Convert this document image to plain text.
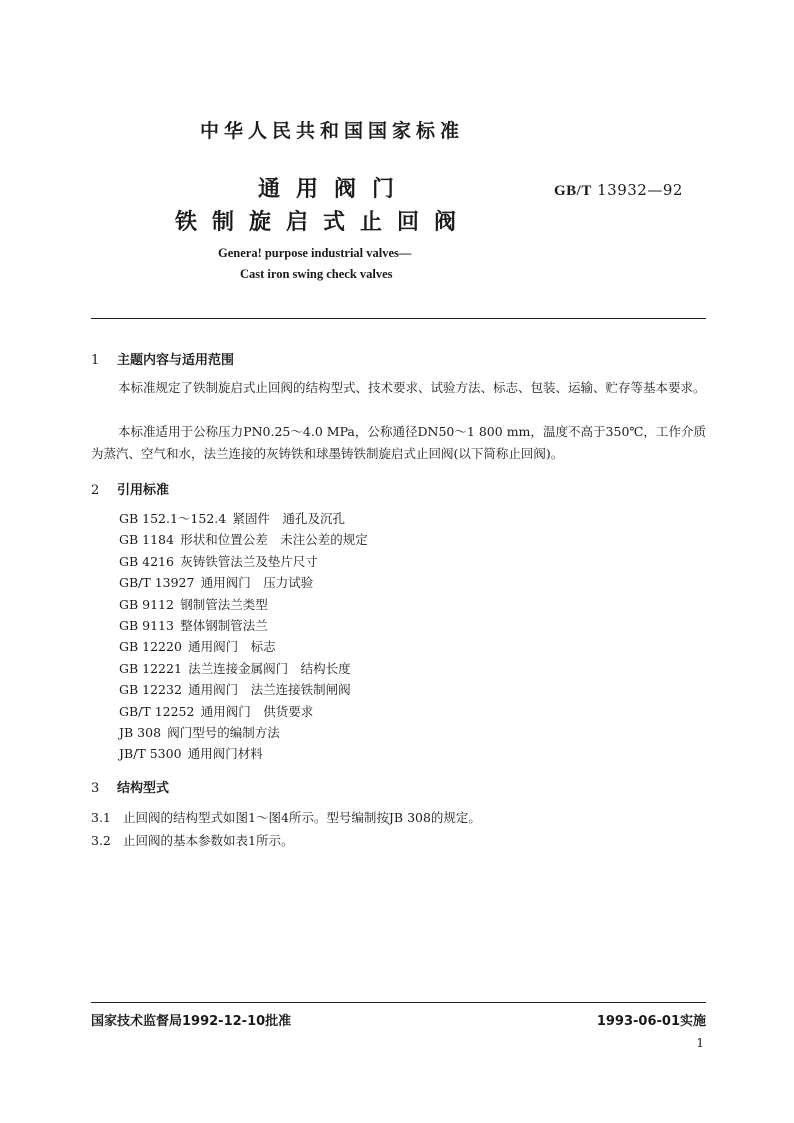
中华人民共和国国家标准
通用阀门
铁制旋启式止回阀
GB/T 13932—92
Genera! purpose industrial valves—
Cast iron swing check valves
1 主题内容与适用范围
本标准规定了铁制旋启式止回阀的结构型式、技术要求、试验方法、标志、包装、运输、贮存等基本要求。
本标准适用于公称压力PN0.25～4.0 MPa，公称通径DN50～1 800 mm，温度不高于350℃，工作介质为蒸汽、空气和水，法兰连接的灰铸铁和球墨铸铁制旋启式止回阀(以下简称止回阀)。
2 引用标准
GB 152.1～152.4  紧固件　通孔及沉孔
GB 1184  形状和位置公差　未注公差的规定
GB 4216  灰铸铁管法兰及垫片尺寸
GB/T 13927  通用阀门　压力试验
GB 9112  钢制管法兰类型
GB 9113  整体钢制管法兰
GB 12220  通用阀门　标志
GB 12221  法兰连接金属阀门　结构长度
GB 12232  通用阀门　法兰连接铁制闸阀
GB/T 12252  通用阀门　供货要求
JB 308  阀门型号的编制方法
JB/T 5300  通用阀门材料
3 结构型式
3.1 止回阀的结构型式如图1～图4所示。型号编制按JB 308的规定。
3.2 止回阀的基本参数如表1所示。
国家技术监督局1992-12-10批准	1993-06-01实施
1
